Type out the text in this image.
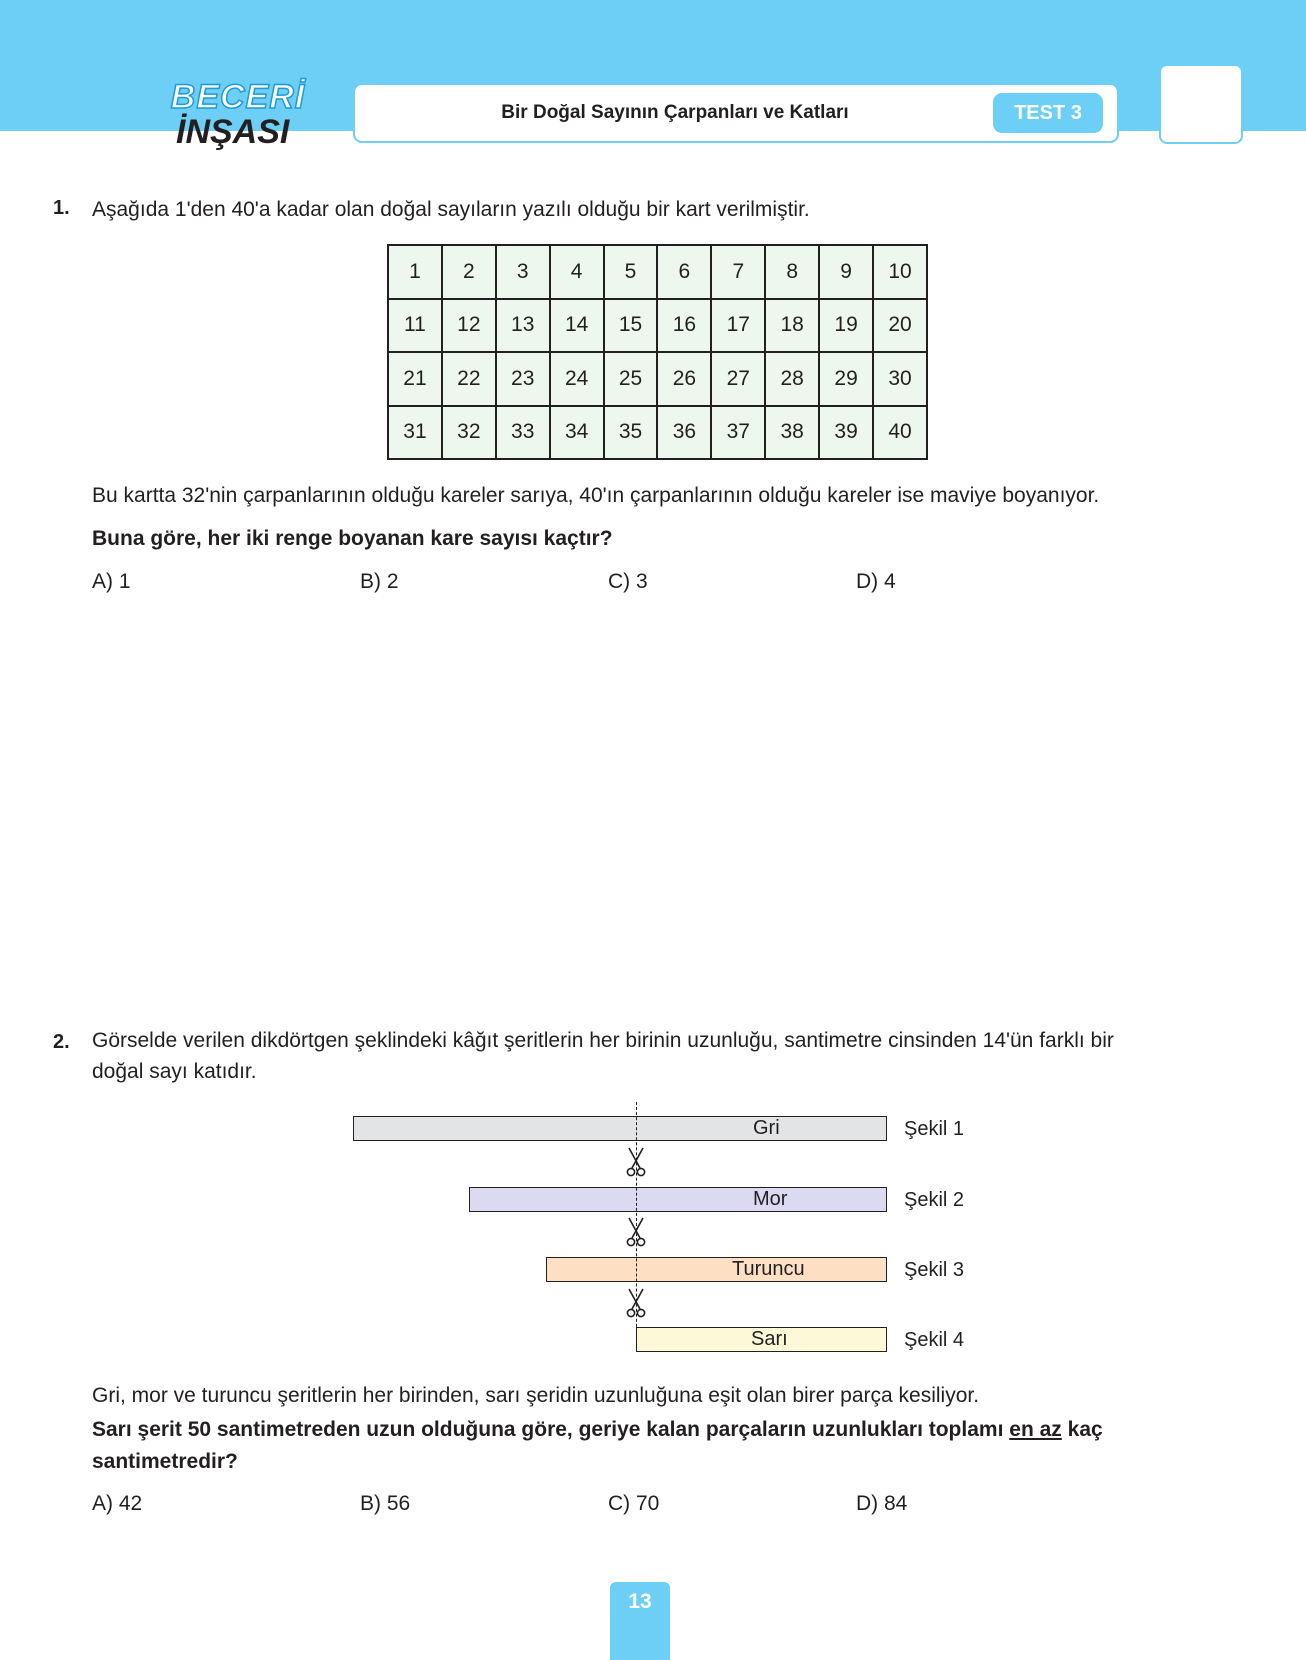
BECERİ
İNŞASI
Bir Doğal Sayının Çarpanları ve Katları	TEST 3
1. Aşağıda 1'den 40'a kadar olan doğal sayıların yazılı olduğu bir kart verilmiştir.
1	2	3	4	5	6	7	8	9	10
11	12	13	14	15	16	17	18	19	20
21	22	23	24	25	26	27	28	29	30
31	32	33	34	35	36	37	38	39	40
Bu kartta 32'nin çarpanlarının olduğu kareler sarıya, 40'ın çarpanlarının olduğu kareler ise maviye boyanıyor.
Buna göre, her iki renge boyanan kare sayısı kaçtır?
A) 1	B) 2	C) 3	D) 4
2. Görselde verilen dikdörtgen şeklindeki kâğıt şeritlerin her birinin uzunluğu, santimetre cinsinden 14'ün farklı bir
doğal sayı katıdır.
Gri	Şekil 1
Mor	Şekil 2
Turuncu	Şekil 3
Sarı	Şekil 4
Gri, mor ve turuncu şeritlerin her birinden, sarı şeridin uzunluğuna eşit olan birer parça kesiliyor.
Sarı şerit 50 santimetreden uzun olduğuna göre, geriye kalan parçaların uzunlukları toplamı en az kaç
santimetredir?
A) 42	B) 56	C) 70	D) 84
13
